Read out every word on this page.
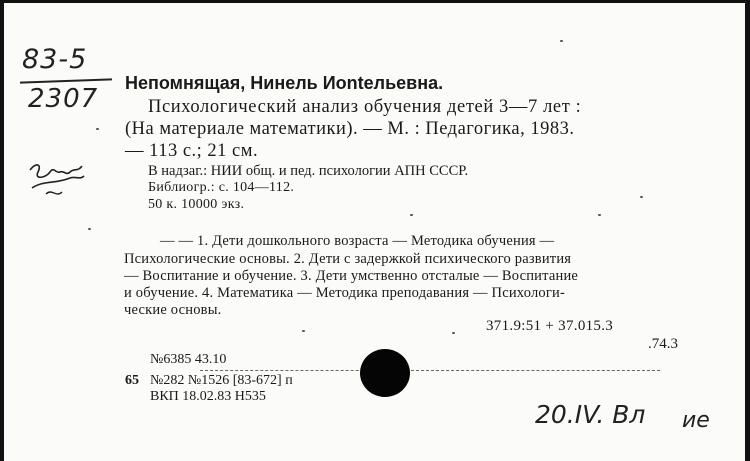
83-5
2307
Непомнящая, Нинель Иontельевна.
Психологический анализ обучения детей 3—7 лет :
(На материале математики). — М. : Педагогика, 1983.
— 113 с.; 21 см.
В надзаг.: НИИ общ. и пед. психологии АПН СССР.
Библиогр.: с. 104—112.
50 к. 10000 экз.
— — 1. Дети дошкольного возраста — Методика обучения —
Психологические основы. 2. Дети с задержкой психического развития
— Воспитание и обучение. 3. Дети умственно отсталые — Воспитание
и обучение. 4. Математика — Методика преподавания — Психологи-
ческие основы.
371.9:51 + 37.015.3
.74.3
№6385 43.10
65 №282 №1526 [83-672] п
ВКП 18.02.83 Н535
20.IV. Вл ие
